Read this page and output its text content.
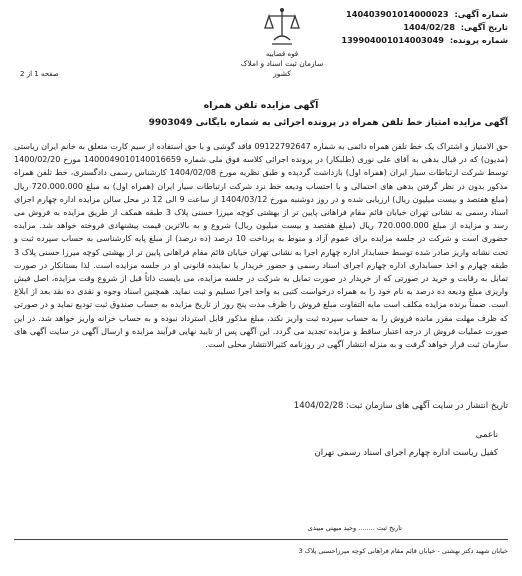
شماره آگهی: 140403901014000023
تاریخ آگهی: 1404/02/28
شماره پرونده: 139904001014003049
قوه قضاییه
سازمان ثبت اسناد و املاک کشور
صفحه 1 از 2
آگهی مزایده تلفن همراه
آگهی مزایده امتیاز خط تلفن همراه در پرونده اجرائی به شماره بایگانی 9903049
حق الامتیاز و اشتراک یک خط تلفن همراه دائمی به شماره 09122792647 فاقد گوشی و با حق استفاده از سیم کارت متعلق به خانم ایران ریاستی (مدیون) که در قبال بدهی به آقای علی نوری (طلبکار) در پرونده اجرائی کلاسه فوق ملی شماره 1400049010140016659 مورخ 1400/02/20 توسط شرکت ارتباطات سیار ایران (همراه اول) بازداشت گردیده و طبق نظریه مورخ 1404/02/08 کارشناس رسمی دادگستری، خط تلفن همراه مذکور بدون در نظر گرفتن بدهی های احتمالی و با احتساب ودیعه خط نزد شرکت ارتباطات سیار ایران (همراه اول) به مبلغ 720.000.000 ریال (مبلغ هفتصد و بیست میلیون ریال) ارزیابی شده و در روز دوشنبه مورخ 1404/03/12 از ساعت 9 الی 12 در محل سالن مزایده اداره چهارم اجرای اسناد رسمی به نشانی تهران خیابان قائم مقام فراهانی پایین تر از بهشتی کوچه میرزا حسنی پلاک 3 طبقه همکف از طریق مزایده به فروش می رسد و مزایده از مبلغ 720.000.000 ریال (مبلغ هفتصد و بیست میلیون ریال) شروع و به بالاترین قیمت پیشنهادی فروخته خواهد شد. مزایده حضوری است و شرکت در جلسه مزایده برای عموم آزاد و منوط به پرداخت 10 درصد (ده درصد) از مبلغ پایه کارشناسی به حساب سپرده ثبت و تحت نشانه واریز صادر شده توسط حسابدار اداره چهارم اجرا به نشانی تهران خیابان قائم مقام فراهانی پایین تر از بهشتی کوچه میرزا حسنی پلاک 3 طبقه چهارم و اخذ حسابداری اداره چهارم اجرای اسناد رسمی و حضور خریدار یا نماینده قانونی او در جلسه مزایده است. لذا بستانکار در صورت تمایل به رقابت و خرید در صورتی که از خریدار در صورت تمایل به شرکت در جلسه مزایده، می بایست ذاتاً قبل از شروع وقت مزایده، اصل فیش واریزی مبلغ ودیعه ده درصد به نام خود را به همراه درخواست کتبی به واحد اجرا تسلیم و ثبت نماید. همچنین اسناد وجوه و نقدی ده نقد بعد از ابلاغ است. ضمناً برنده مزایده مکلف است مابه التفاوت مبلغ فروش را ظرف مدت پنج روز از تاریخ مزایده به حساب صندوق ثبت تودیع نماید و در صورتی که ظرف مهلت مقرر مانده فروش را به حساب سپرده ثبت واریز نکند، مبلغ مذکور قابل استرداد نبوده و به حساب خزانه واریز خواهد شد. در این صورت عملیات فروش از درجه اعتبار ساقط و مزایده تجدید می گردد. این آگهی پس از تایید نهایی فرآیند مزایده و ارسال آگهی در سایت آگهی های سازمان ثبت قرار خواهد گرفت و به منزله انتشار آگهی در روزنامه کثیرالانتشار محلی است.
تاریخ انتشار در سایت آگهی های سازمان ثبت: 1404/02/28
ناعمی
کفیل ریاست اداره چهارم اجرای اسناد رسمی تهران
تاریخ ثبت ........ وحید میهنی میبدی
خیابان شهید دکتر بهشتی - خیابان قائم مقام فراهانی کوچه میرزاحسنی پلاک 3
